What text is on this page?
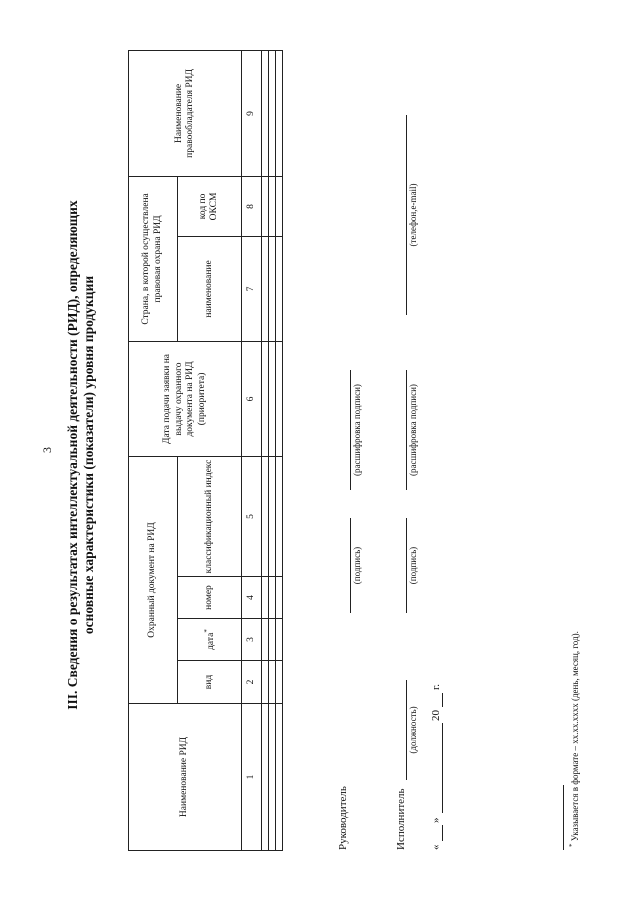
3 III. Сведения о результатах интеллектуальной деятельности (РИД), определяющих основные характеристики (показатели) уровня продукции
Наименование РИД	Охранный документ на РИД				Дата подачи заявки на выдачу охранного документа на РИД (приоритета)	Страна, в которой осуществлена правовая охрана РИД		Наименование правообладателя РИД
	вид	дата*	номер	классификационный индекс		наименование	код по ОКСМ	
1	2	3	4	5	6	7	8	9

Руководитель
(подпись)
(расшифровка подписи)
Исполнитель
(должность)
(подпись)
(расшифровка подписи)
(телефон,e-mail)
«
»
20
г.
* Указывается в формате – xx.xx.xxxx (день, месяц, год).
